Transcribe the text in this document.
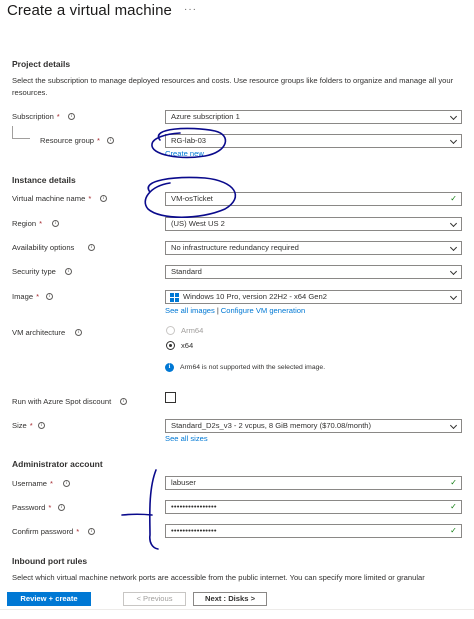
Create a virtual machine ···
Project details
Select the subscription to manage deployed resources and costs. Use resource groups like folders to organize and manage all your resources.
Subscription *	i	Azure subscription 1
Resource group *	i	RG-lab-03
Create new
Instance details
Virtual machine name *	i	VM-osTicket	✓
Region *	i	(US) West US 2
Availability options	i	No infrastructure redundancy required
Security type	i	Standard
Image *	i	Windows 10 Pro, version 22H2 - x64 Gen2
See all images | Configure VM generation
VM architecture	i	Arm64
x64
i	Arm64 is not supported with the selected image.
Run with Azure Spot discount	i
Size *	i	Standard_D2s_v3 - 2 vcpus, 8 GiB memory ($70.08/month)
See all sizes
Administrator account
Username *	i	labuser	✓
Password *	i	••••••••••••••••	✓
Confirm password *	i	••••••••••••••••	✓
Inbound port rules
Select which virtual machine network ports are accessible from the public internet. You can specify more limited or granular
Review + create	< Previous	Next : Disks >
